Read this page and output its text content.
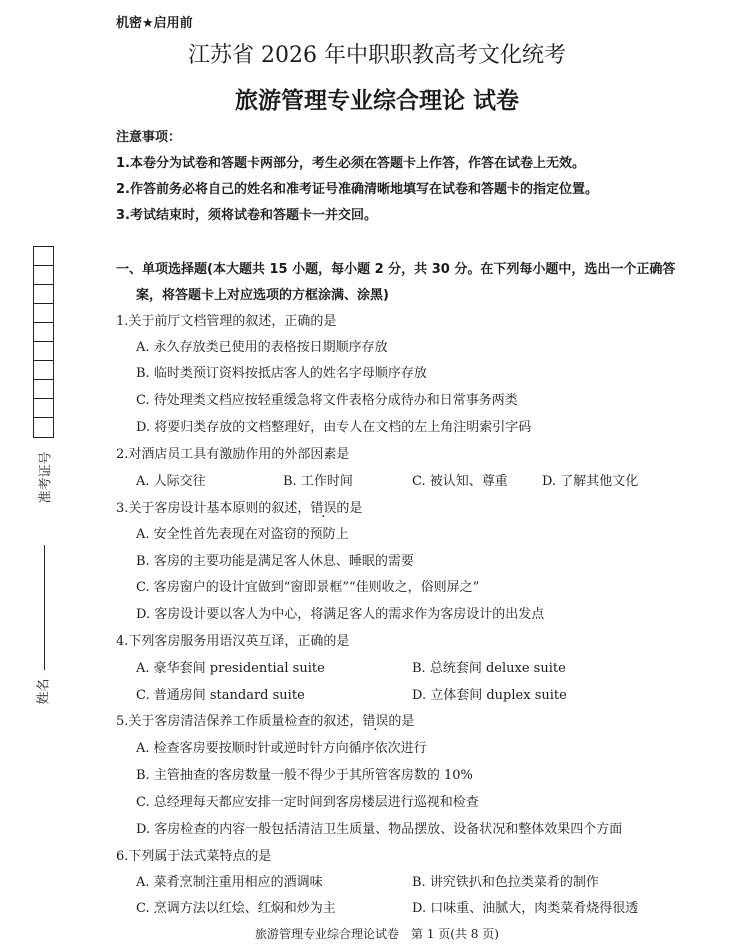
机密★启用前
江苏省 2026 年中职职教高考文化统考
旅游管理专业综合理论 试卷
注意事项：
1.本卷分为试卷和答题卡两部分，考生必须在答题卡上作答，作答在试卷上无效。
2.作答前务必将自己的姓名和准考证号准确清晰地填写在试卷和答题卡的指定位置。
3.考试结束时，须将试卷和答题卡一并交回。
准考证号
姓名
一、单项选择题(本大题共 15 小题，每小题 2 分，共 30 分。在下列每小题中，选出一个正确答
案，将答题卡上对应选项的方框涂满、涂黑)
1.关于前厅文档管理的叙述，正确的是
A. 永久存放类已使用的表格按日期顺序存放
B. 临时类预订资料按抵店客人的姓名字母顺序存放
C. 待处理类文档应按轻重缓急将文件表格分成待办和日常事务两类
D. 将要归类存放的文档整理好，由专人在文档的左上角注明索引字码
2.对酒店员工具有激励作用的外部因素是
A. 人际交往	B. 工作时间	C. 被认知、尊重	D. 了解其他文化
3.关于客房设计基本原则的叙述，错误的是
A. 安全性首先表现在对盗窃的预防上
B. 客房的主要功能是满足客人休息、睡眠的需要
C. 客房窗户的设计宜做到“窗即景框”“佳则收之，俗则屏之”
D. 客房设计要以客人为中心，将满足客人的需求作为客房设计的出发点
4.下列客房服务用语汉英互译，正确的是
A. 豪华套间 presidential suite	B. 总统套间 deluxe suite
C. 普通房间 standard suite	D. 立体套间 duplex suite
5.关于客房清洁保养工作质量检查的叙述，错误的是
A. 检查客房要按顺时针或逆时针方向循序依次进行
B. 主管抽查的客房数量一般不得少于其所管客房数的 10%
C. 总经理每天都应安排一定时间到客房楼层进行巡视和检查
D. 客房检查的内容一般包括清洁卫生质量、物品摆放、设备状况和整体效果四个方面
6.下列属于法式菜特点的是
A. 菜肴烹制注重用相应的酒调味	B. 讲究铁扒和色拉类菜肴的制作
C. 烹调方法以红烩、红焖和炒为主	D. 口味重、油腻大，肉类菜肴烧得很透
旅游管理专业综合理论试卷　第 1 页(共 8 页)
